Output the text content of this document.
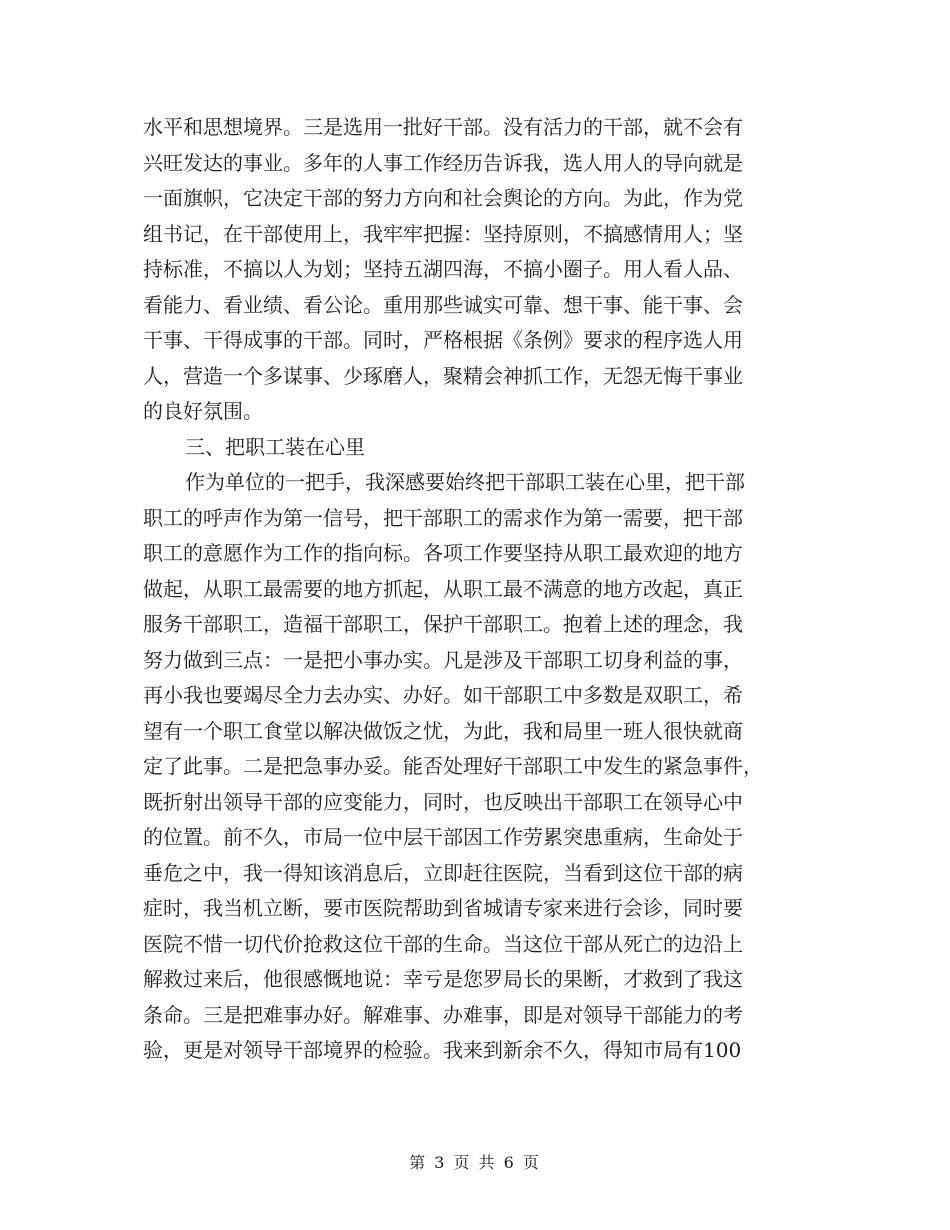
水平和思想境界。三是选用一批好干部。没有活力的干部，就不会有
兴旺发达的事业。多年的人事工作经历告诉我，选人用人的导向就是
一面旗帜，它决定干部的努力方向和社会舆论的方向。为此，作为党
组书记，在干部使用上，我牢牢把握：坚持原则，不搞感情用人；坚
持标准，不搞以人为划；坚持五湖四海，不搞小圈子。用人看人品、
看能力、看业绩、看公论。重用那些诚实可靠、想干事、能干事、会
干事、干得成事的干部。同时，严格根据《条例》要求的程序选人用
人，营造一个多谋事、少琢磨人，聚精会神抓工作，无怨无悔干事业
的良好氛围。
三、把职工装在心里
作为单位的一把手，我深感要始终把干部职工装在心里，把干部
职工的呼声作为第一信号，把干部职工的需求作为第一需要，把干部
职工的意愿作为工作的指向标。各项工作要坚持从职工最欢迎的地方
做起，从职工最需要的地方抓起，从职工最不满意的地方改起，真正
服务干部职工，造福干部职工，保护干部职工。抱着上述的理念，我
努力做到三点：一是把小事办实。凡是涉及干部职工切身利益的事，
再小我也要竭尽全力去办实、办好。如干部职工中多数是双职工，希
望有一个职工食堂以解决做饭之忧，为此，我和局里一班人很快就商
定了此事。二是把急事办妥。能否处理好干部职工中发生的紧急事件，
既折射出领导干部的应变能力，同时，也反映出干部职工在领导心中
的位置。前不久，市局一位中层干部因工作劳累突患重病，生命处于
垂危之中，我一得知该消息后，立即赶往医院，当看到这位干部的病
症时，我当机立断，要市医院帮助到省城请专家来进行会诊，同时要
医院不惜一切代价抢救这位干部的生命。当这位干部从死亡的边沿上
解救过来后，他很感慨地说：幸亏是您罗局长的果断，才救到了我这
条命。三是把难事办好。解难事、办难事，即是对领导干部能力的考
验，更是对领导干部境界的检验。我来到新余不久，得知市局有100
第 3 页 共 6 页
